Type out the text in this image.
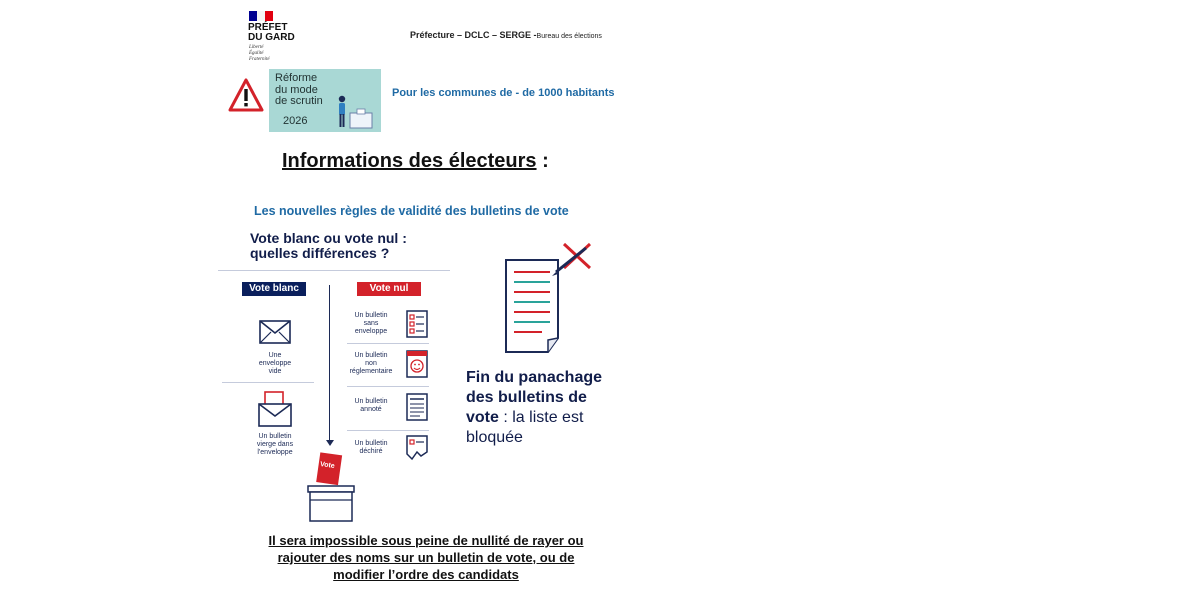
PRÉFET
DU GARD
Liberté
Égalité
Fraternité
Préfecture – DCLC – SERGE -Bureau des élections
Réforme
du mode
de scrutin
2026
Pour les communes de - de 1000 habitants
Informations des électeurs :
Les nouvelles règles de validité des bulletins de vote
Vote blanc ou vote nul :
quelles différences ?
Vote blanc
Une
enveloppe
vide
Un bulletin
vierge dans
l'enveloppe
Vote nul
Un bulletin
sans
enveloppe
Un bulletin
non
réglementaire
Un bulletin
annoté
Un bulletin
déchiré
Vote
Fin du panachage
des bulletins de
vote : la liste est
bloquée
Il sera impossible sous peine de nullité de rayer ou
rajouter des noms sur un bulletin de vote, ou de
modifier l’ordre des candidats
